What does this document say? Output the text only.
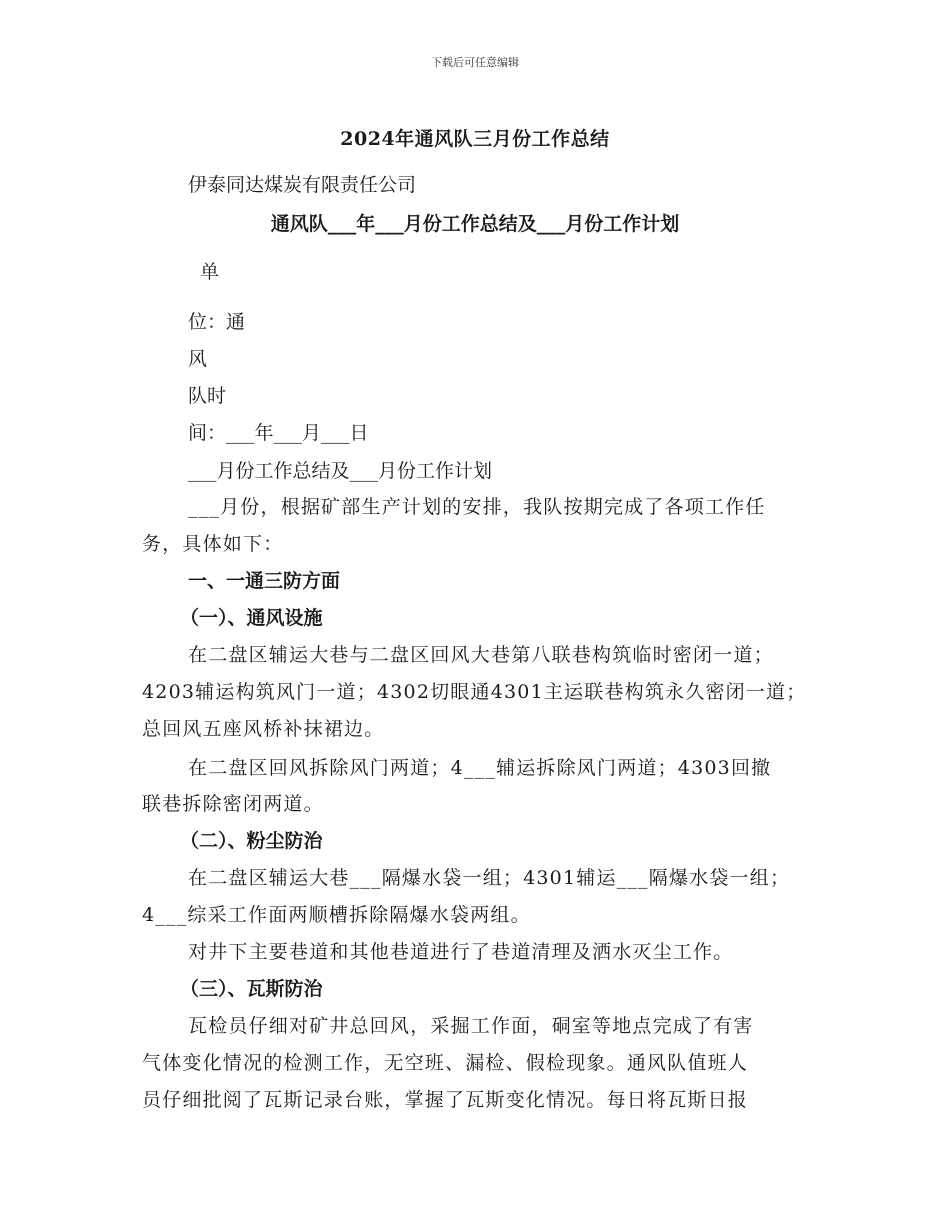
下载后可任意编辑
2024年通风队三月份工作总结
伊泰同达煤炭有限责任公司
通风队___年___月份工作总结及___月份工作计划
单
位：通
风
队时
间：___年___月___日
___月份工作总结及___月份工作计划
___月份，根据矿部生产计划的安排，我队按期完成了各项工作任
务，具体如下：
一、一通三防方面
（一）、通风设施
在二盘区辅运大巷与二盘区回风大巷第八联巷构筑临时密闭一道；
4203辅运构筑风门一道；4302切眼通4301主运联巷构筑永久密闭一道；
总回风五座风桥补抹裙边。
在二盘区回风拆除风门两道；4___辅运拆除风门两道；4303回撤
联巷拆除密闭两道。
（二）、粉尘防治
在二盘区辅运大巷___隔爆水袋一组；4301辅运___隔爆水袋一组；
4___综采工作面两顺槽拆除隔爆水袋两组。
对井下主要巷道和其他巷道进行了巷道清理及洒水灭尘工作。
（三）、瓦斯防治
瓦检员仔细对矿井总回风，采掘工作面，硐室等地点完成了有害
气体变化情况的检测工作，无空班、漏检、假检现象。通风队值班人
员仔细批阅了瓦斯记录台账，掌握了瓦斯变化情况。每日将瓦斯日报
